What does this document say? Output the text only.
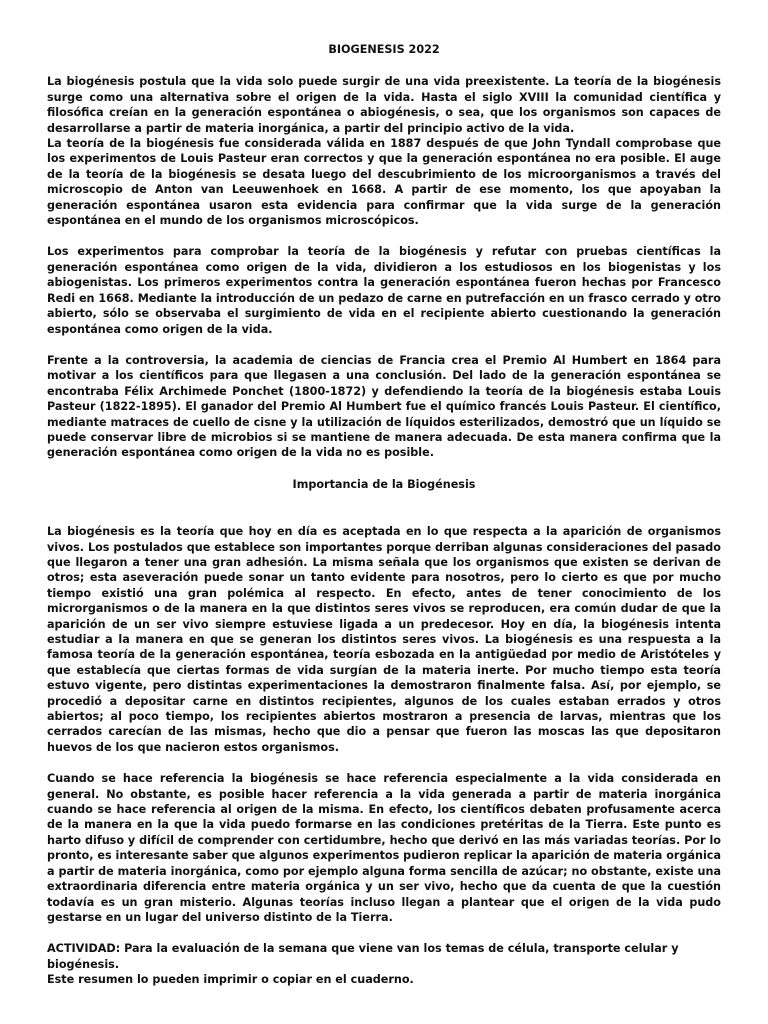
BIOGENESIS 2022

La biogénesis postula que la vida solo puede surgir de una vida preexistente. La teoría de la biogénesis surge como una alternativa sobre el origen de la vida. Hasta el siglo XVIII la comunidad científica y filosófica creían en la generación espontánea o abiogénesis, o sea, que los organismos son capaces de desarrollarse a partir de materia inorgánica, a partir del principio activo de la vida.

La teoría de la biogénesis fue considerada válida en 1887 después de que John Tyndall comprobase que los experimentos de Louis Pasteur eran correctos y que la generación espontánea no era posible. El auge de la teoría de la biogénesis se desata luego del descubrimiento de los microorganismos a través del microscopio de Anton van Leeuwenhoek en 1668. A partir de ese momento, los que apoyaban la generación espontánea usaron esta evidencia para confirmar que la vida surge de la generación espontánea en el mundo de los organismos microscópicos.

Los experimentos para comprobar la teoría de la biogénesis y refutar con pruebas científicas la generación espontánea como origen de la vida, dividieron a los estudiosos en los biogenistas y los abiogenistas. Los primeros experimentos contra la generación espontánea fueron hechas por Francesco Redi en 1668. Mediante la introducción de un pedazo de carne en putrefacción en un frasco cerrado y otro abierto, sólo se observaba el surgimiento de vida en el recipiente abierto cuestionando la generación espontánea como origen de la vida.

Frente a la controversia, la academia de ciencias de Francia crea el Premio Al Humbert en 1864 para motivar a los científicos para que llegasen a una conclusión. Del lado de la generación espontánea se encontraba Félix Archimede Ponchet (1800-1872) y defendiendo la teoría de la biogénesis estaba Louis Pasteur (1822-1895). El ganador del Premio Al Humbert fue el químico francés Louis Pasteur. El científico, mediante matraces de cuello de cisne y la utilización de líquidos esterilizados, demostró que un líquido se puede conservar libre de microbios si se mantiene de manera adecuada. De esta manera confirma que la generación espontánea como origen de la vida no es posible.

Importancia de la Biogénesis

La biogénesis es la teoría que hoy en día es aceptada en lo que respecta a la aparición de organismos vivos. Los postulados que establece son importantes porque derriban algunas consideraciones del pasado que llegaron a tener una gran adhesión. La misma señala que los organismos que existen se derivan de otros; esta aseveración puede sonar un tanto evidente para nosotros, pero lo cierto es que por mucho tiempo existió una gran polémica al respecto. En efecto, antes de tener conocimiento de los microrganismos o de la manera en la que distintos seres vivos se reproducen, era común dudar de que la aparición de un ser vivo siempre estuviese ligada a un predecesor. Hoy en día, la biogénesis intenta estudiar a la manera en que se generan los distintos seres vivos. La biogénesis es una respuesta a la famosa teoría de la generación espontánea, teoría esbozada en la antigüedad por medio de Aristóteles y que establecía que ciertas formas de vida surgían de la materia inerte. Por mucho tiempo esta teoría estuvo vigente, pero distintas experimentaciones la demostraron finalmente falsa. Así, por ejemplo, se procedió a depositar carne en distintos recipientes, algunos de los cuales estaban errados y otros abiertos; al poco tiempo, los recipientes abiertos mostraron a presencia de larvas, mientras que los cerrados carecían de las mismas, hecho que dio a pensar que fueron las moscas las que depositaron huevos de los que nacieron estos organismos.

Cuando se hace referencia la biogénesis se hace referencia especialmente a la vida considerada en general. No obstante, es posible hacer referencia a la vida generada a partir de materia inorgánica cuando se hace referencia al origen de la misma. En efecto, los científicos debaten profusamente acerca de la manera en la que la vida puedo formarse en las condiciones pretéritas de la Tierra. Este punto es harto difuso y difícil de comprender con certidumbre, hecho que derivó en las más variadas teorías. Por lo pronto, es interesante saber que algunos experimentos pudieron replicar la aparición de materia orgánica a partir de materia inorgánica, como por ejemplo alguna forma sencilla de azúcar; no obstante, existe una extraordinaria diferencia entre materia orgánica y un ser vivo, hecho que da cuenta de que la cuestión todavía es un gran misterio. Algunas teorías incluso llegan a plantear que el origen de la vida pudo gestarse en un lugar del universo distinto de la Tierra.

ACTIVIDAD: Para la evaluación de la semana que viene van los temas de célula, transporte celular y biogénesis.
Este resumen lo pueden imprimir o copiar en el cuaderno.
